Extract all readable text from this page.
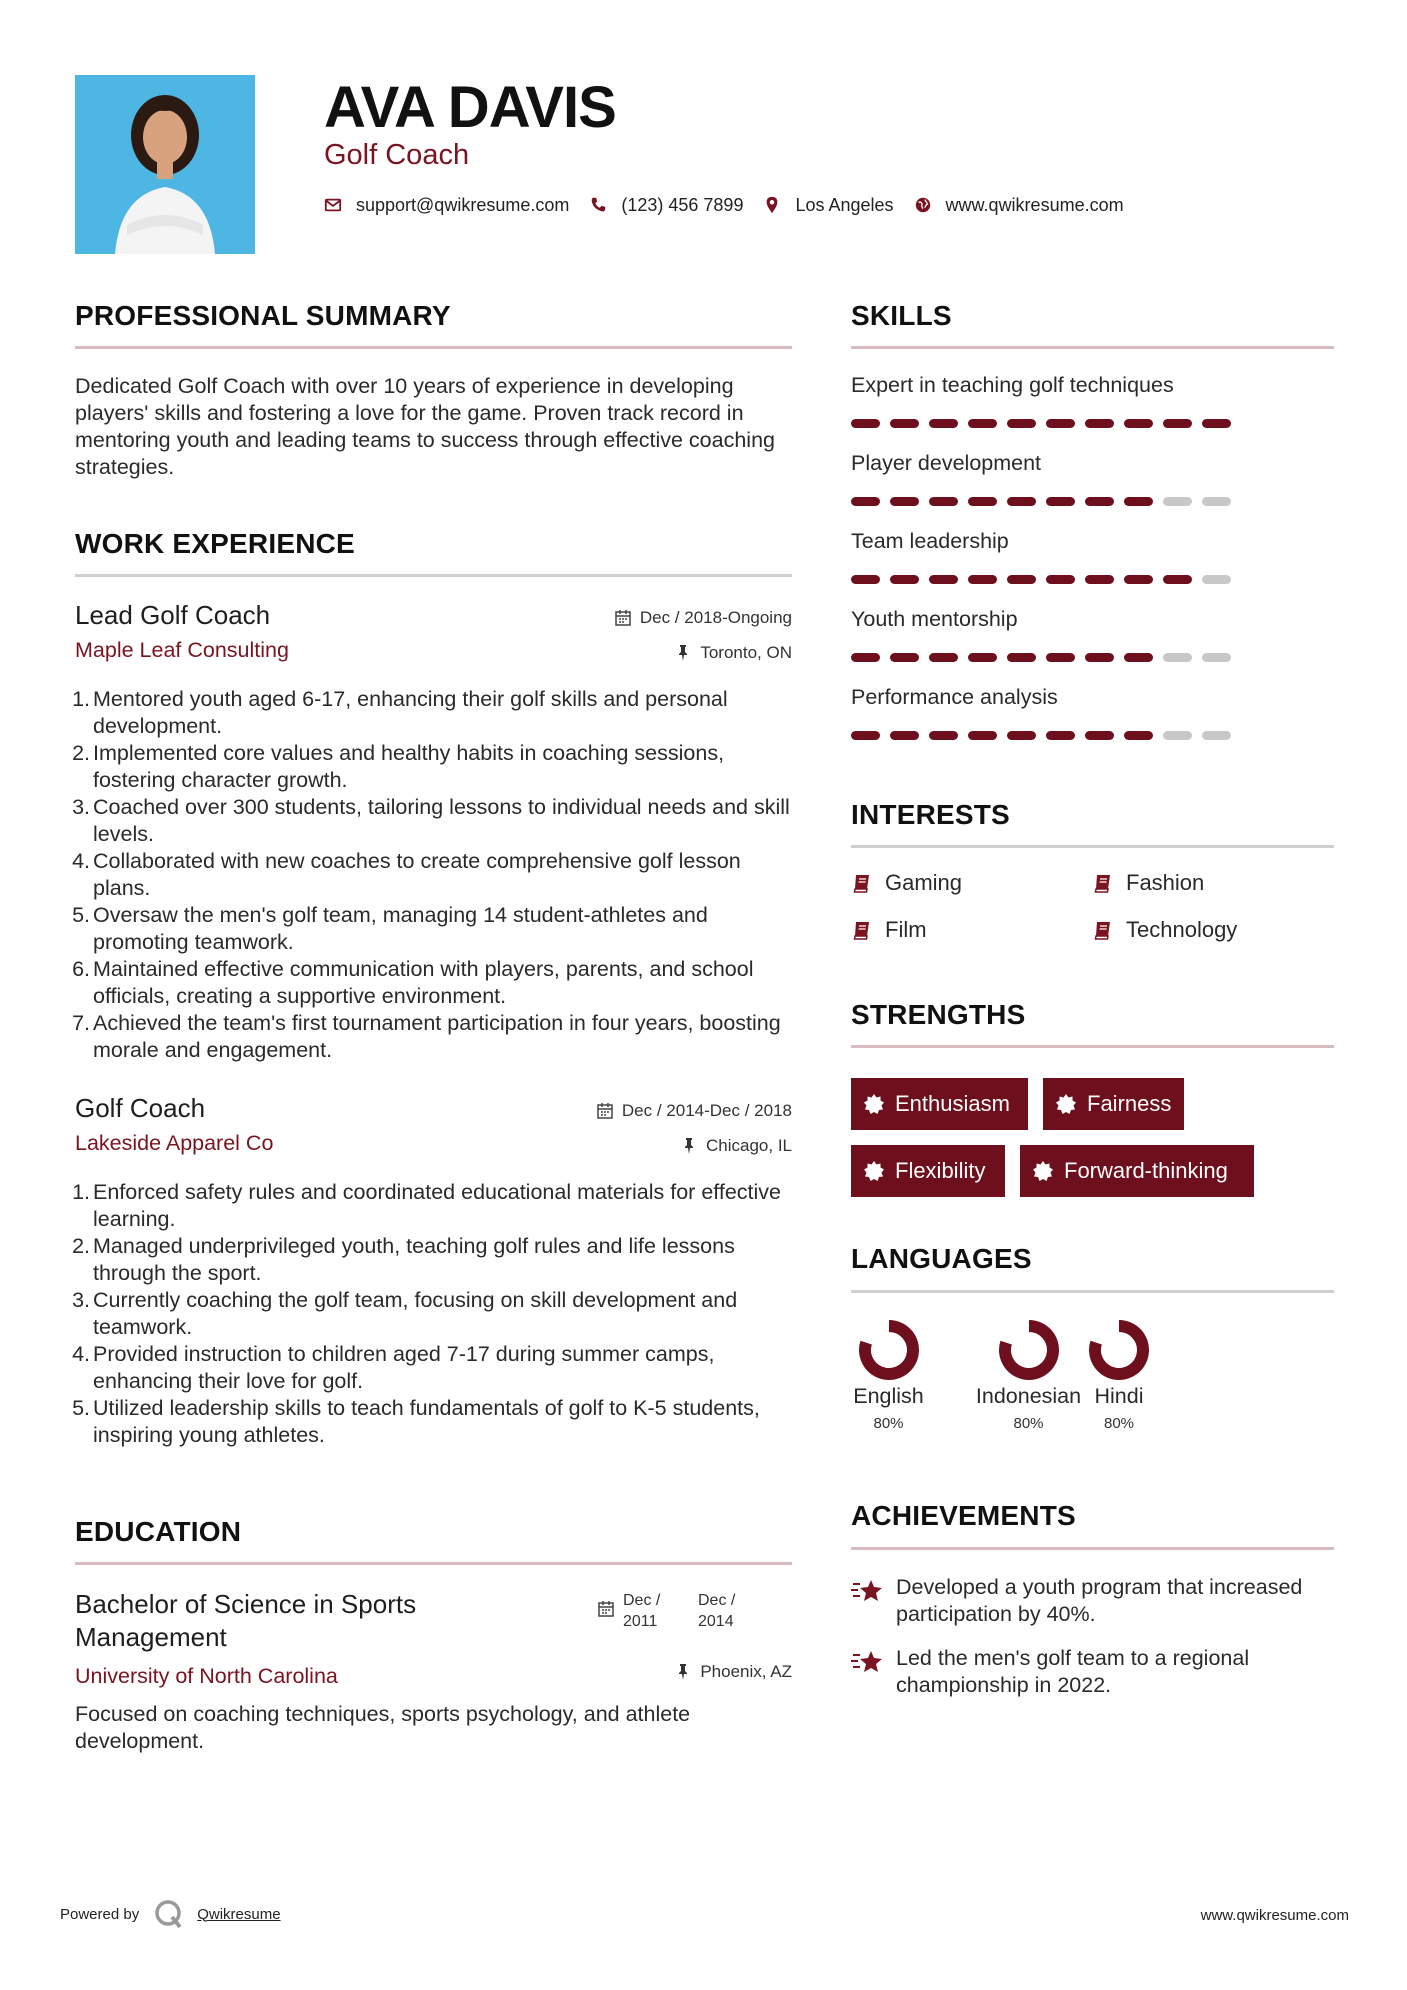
AVA DAVIS
Golf Coach
support@qwikresume.com	(123) 456 7899	Los Angeles	www.qwikresume.com
PROFESSIONAL SUMMARY
Dedicated Golf Coach with over 10 years of experience in developing players' skills and fostering a love for the game. Proven track record in mentoring youth and leading teams to success through effective coaching strategies.
WORK EXPERIENCE
Lead Golf Coach
Maple Leaf Consulting
Dec / 2018-Ongoing
Toronto, ON
1. Mentored youth aged 6-17, enhancing their golf skills and personal development.
2. Implemented core values and healthy habits in coaching sessions, fostering character growth.
3. Coached over 300 students, tailoring lessons to individual needs and skill levels.
4. Collaborated with new coaches to create comprehensive golf lesson plans.
5. Oversaw the men's golf team, managing 14 student-athletes and promoting teamwork.
6. Maintained effective communication with players, parents, and school officials, creating a supportive environment.
7. Achieved the team's first tournament participation in four years, boosting morale and engagement.
Golf Coach
Lakeside Apparel Co
Dec / 2014-Dec / 2018
Chicago, IL
1. Enforced safety rules and coordinated educational materials for effective learning.
2. Managed underprivileged youth, teaching golf rules and life lessons through the sport.
3. Currently coaching the golf team, focusing on skill development and teamwork.
4. Provided instruction to children aged 7-17 during summer camps, enhancing their love for golf.
5. Utilized leadership skills to teach fundamentals of golf to K-5 students, inspiring young athletes.
EDUCATION
Bachelor of Science in Sports Management
University of North Carolina
Dec /
2011
Dec /
2014
Phoenix, AZ
Focused on coaching techniques, sports psychology, and athlete development.
SKILLS
Expert in teaching golf techniques
Player development
Team leadership
Youth mentorship
Performance analysis
INTERESTS
Gaming	Fashion
Film	Technology
STRENGTHS
Enthusiasm	Fairness
Flexibility	Forward-thinking
LANGUAGES
English
80%
Indonesian
80%
Hindi
80%
ACHIEVEMENTS
Developed a youth program that increased participation by 40%.
Led the men's golf team to a regional championship in 2022.
Powered by	Qwikresume	www.qwikresume.com
